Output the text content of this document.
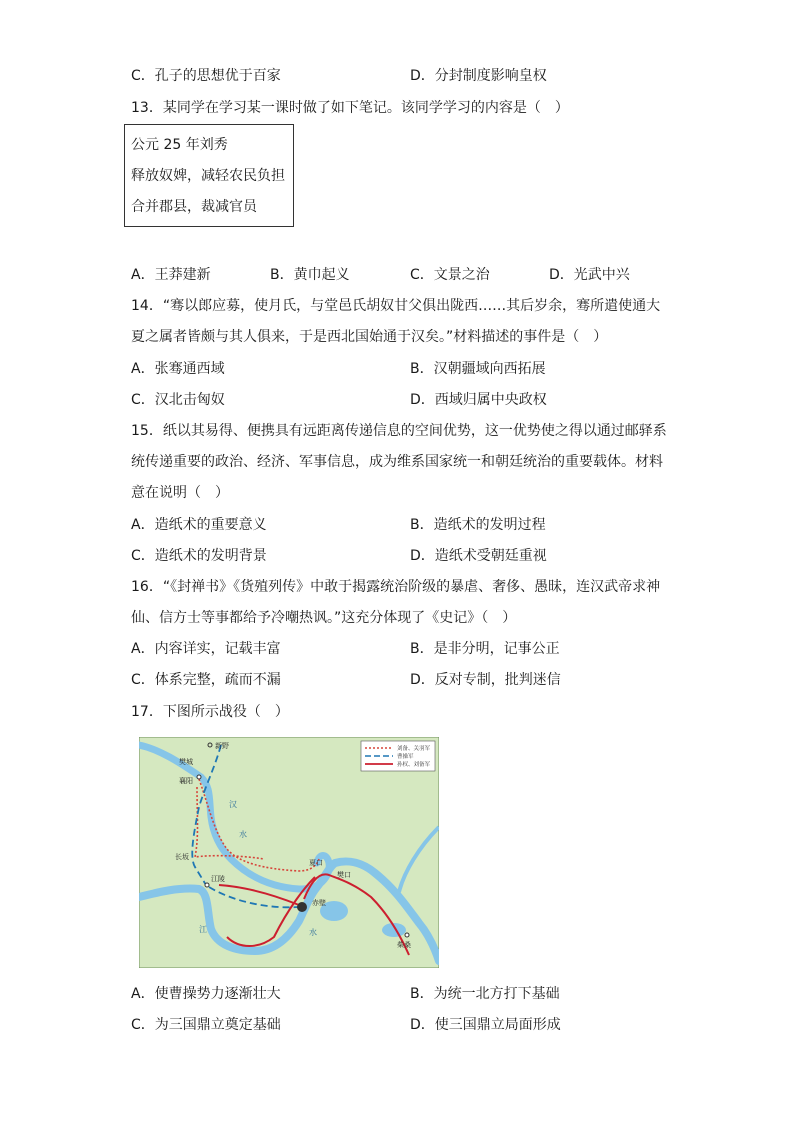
C．孔子的思想优于百家	D．分封制度影响皇权
13．某同学在学习某一课时做了如下笔记。该同学学习的内容是（　）
公元 25 年刘秀
释放奴婢，减轻农民负担
合并郡县，裁减官员
A．王莽建新	B．黄巾起义	C．文景之治	D．光武中兴
14．“骞以郎应募，使月氏，与堂邑氏胡奴甘父俱出陇西……其后岁余，骞所遣使通大
夏之属者皆颇与其人俱来，于是西北国始通于汉矣。”材料描述的事件是（　）
A．张骞通西域	B．汉朝疆域向西拓展
C．汉北击匈奴	D．西域归属中央政权
15．纸以其易得、便携具有远距离传递信息的空间优势，这一优势使之得以通过邮驿系
统传递重要的政治、经济、军事信息，成为维系国家统一和朝廷统治的重要载体。材料
意在说明（　）
A．造纸术的重要意义	B．造纸术的发明过程
C．造纸术的发明背景	D．造纸术受朝廷重视
16．“《封禅书》《货殖列传》中敢于揭露统治阶级的暴虐、奢侈、愚昧，连汉武帝求神
仙、信方士等事都给予冷嘲热讽。”这充分体现了《史记》（　）
A．内容详实，记载丰富	B．是非分明，记事公正
C．体系完整，疏而不漏	D．反对专制，批判迷信
17．下图所示战役（　）
刘备、关羽军
曹操军
孙权、刘备军
新野
樊城
襄阳
长坂
江陵
赤壁
夏口
樊口
柴桑
汉
水
江	水
A．使曹操势力逐渐壮大	B．为统一北方打下基础
C．为三国鼎立奠定基础	D．使三国鼎立局面形成
